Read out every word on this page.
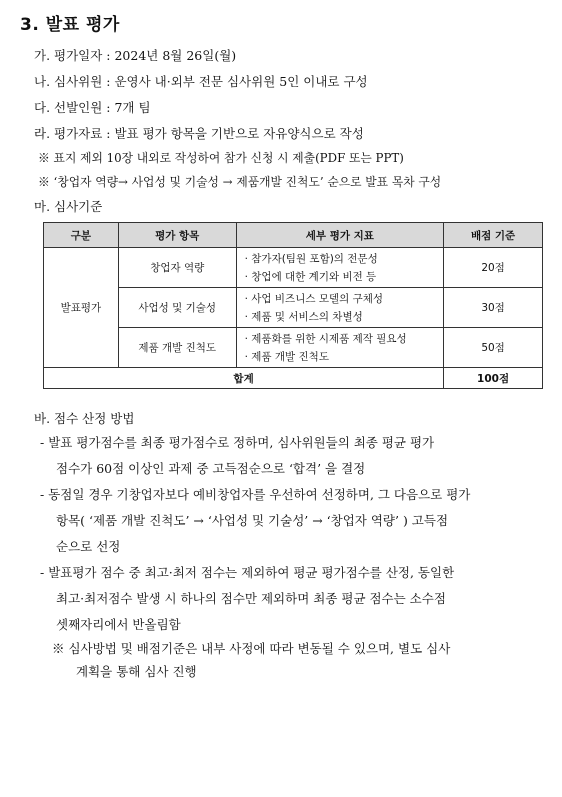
3. 발표 평가
가. 평가일자 : 2024년 8월 26일(월)
나. 심사위원 : 운영사 내·외부 전문 심사위원 5인 이내로 구성
다. 선발인원 : 7개 팀
라. 평가자료 : 발표 평가 항목을 기반으로 자유양식으로 작성
※ 표지 제외 10장 내외로 작성하여 참가 신청 시 제출(PDF 또는 PPT)
※ ‘창업자 역량→ 사업성 및 기술성 → 제품개발 진척도’ 순으로 발표 목차 구성
마. 심사기준
구분	평가 항목	세부 평가 지표	배점 기준
발표평가	창업자 역량	· 참가자(팀원 포함)의 전문성
· 창업에 대한 계기와 비전 등	20점
	사업성 및 기술성	· 사업 비즈니스 모델의 구체성
· 제품 및 서비스의 차별성	30점
	제품 개발 진척도	· 제품화를 위한 시제품 제작 필요성
· 제품 개발 진척도	50점
합계			100점
바. 점수 산정 방법
- 발표 평가점수를 최종 평가점수로 정하며, 심사위원들의 최종 평균 평가
점수가 60점 이상인 과제 중 고득점순으로 ‘합격’ 을 결정
- 동점일 경우 기창업자보다 예비창업자를 우선하여 선정하며, 그 다음으로 평가
항목( ‘제품 개발 진척도’ → ‘사업성 및 기술성’ → ‘창업자 역량’ ) 고득점
순으로 선정
- 발표평가 점수 중 최고·최저 점수는 제외하여 평균 평가점수를 산정, 동일한
최고·최저점수 발생 시 하나의 점수만 제외하며 최종 평균 점수는 소수점
셋째자리에서 반올림함
※ 심사방법 및 배점기준은 내부 사정에 따라 변동될 수 있으며, 별도 심사
계획을 통해 심사 진행
